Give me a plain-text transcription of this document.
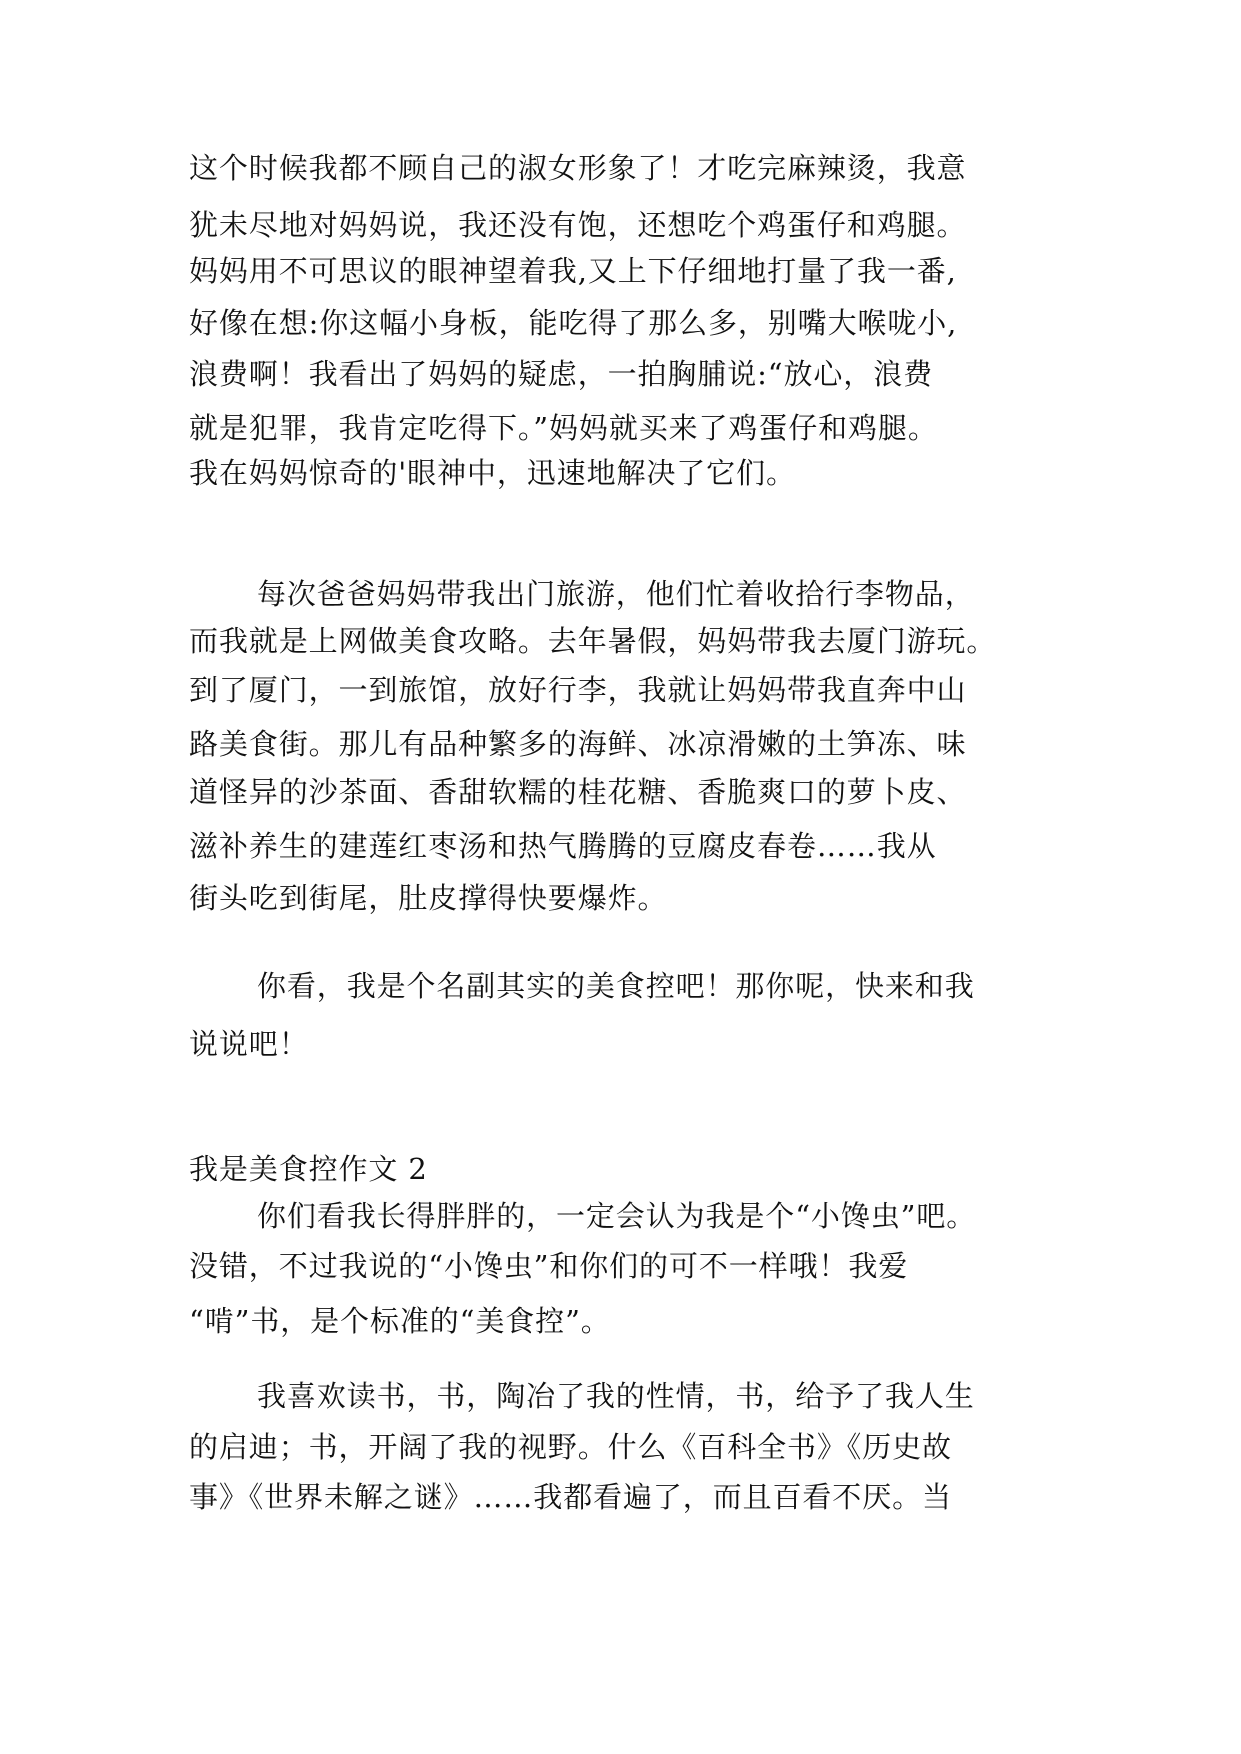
这个时候我都不顾自己的淑女形象了！才吃完麻辣烫，我意
犹未尽地对妈妈说，我还没有饱，还想吃个鸡蛋仔和鸡腿。
妈妈用不可思议的眼神望着我,又上下仔细地打量了我一番,
好像在想:你这幅小身板，能吃得了那么多，别嘴大喉咙小,
浪费啊！我看出了妈妈的疑虑，一拍胸脯说:“放心，浪费
就是犯罪，我肯定吃得下。”妈妈就买来了鸡蛋仔和鸡腿。
我在妈妈惊奇的'眼神中，迅速地解决了它们。
每次爸爸妈妈带我出门旅游，他们忙着收拾行李物品，
而我就是上网做美食攻略。去年暑假，妈妈带我去厦门游玩。
到了厦门，一到旅馆，放好行李，我就让妈妈带我直奔中山
路美食街。那儿有品种繁多的海鲜、冰凉滑嫩的土笋冻、味
道怪异的沙茶面、香甜软糯的桂花糖、香脆爽口的萝卜皮、
滋补养生的建莲红枣汤和热气腾腾的豆腐皮春卷……我从
街头吃到街尾，肚皮撑得快要爆炸。
你看，我是个名副其实的美食控吧！那你呢，快来和我
说说吧！
我是美食控作文 2
你们看我长得胖胖的，一定会认为我是个“小馋虫”吧。
没错，不过我说的“小馋虫”和你们的可不一样哦！我爱
“啃”书，是个标准的“美食控”。
我喜欢读书，书，陶冶了我的性情，书，给予了我人生
的启迪；书，开阔了我的视野。什么《百科全书》《历史故
事》《世界未解之谜》……我都看遍了，而且百看不厌。当
